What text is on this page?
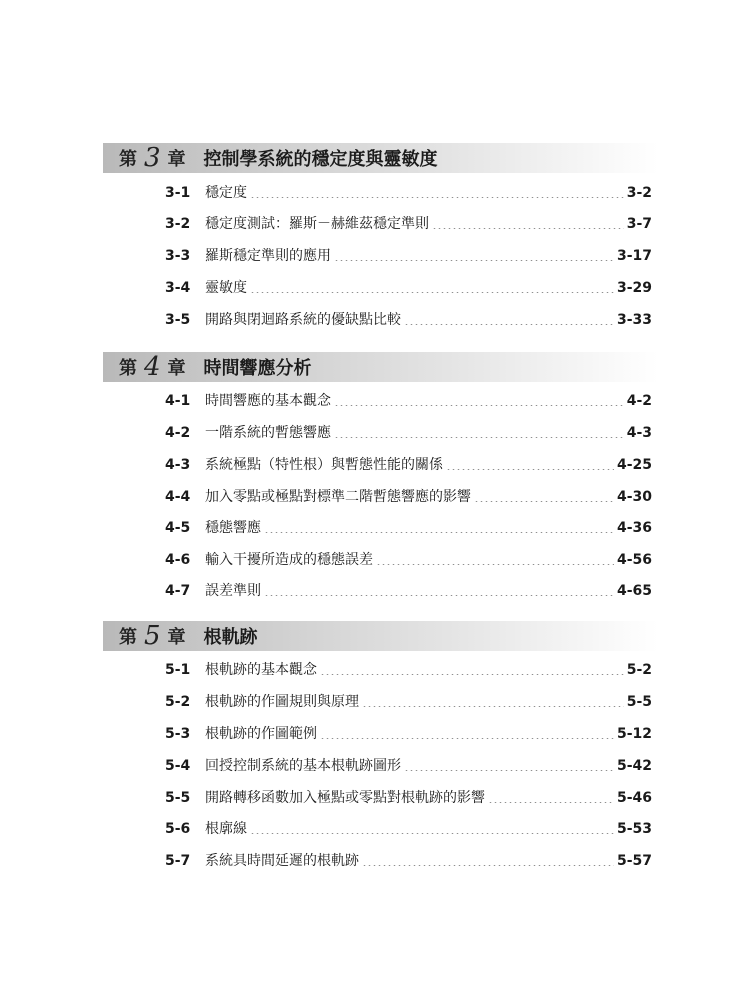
第 3 章 控制學系統的穩定度與靈敏度
3-1	穩定度	3-2
3-2	穩定度測試：羅斯－赫維茲穩定準則	3-7
3-3	羅斯穩定準則的應用	3-17
3-4	靈敏度	3-29
3-5	開路與閉迴路系統的優缺點比較	3-33
第 4 章 時間響應分析
4-1	時間響應的基本觀念	4-2
4-2	一階系統的暫態響應	4-3
4-3	系統極點（特性根）與暫態性能的關係	4-25
4-4	加入零點或極點對標準二階暫態響應的影響	4-30
4-5	穩態響應	4-36
4-6	輸入干擾所造成的穩態誤差	4-56
4-7	誤差準則	4-65
第 5 章 根軌跡
5-1	根軌跡的基本觀念	5-2
5-2	根軌跡的作圖規則與原理	5-5
5-3	根軌跡的作圖範例	5-12
5-4	回授控制系統的基本根軌跡圖形	5-42
5-5	開路轉移函數加入極點或零點對根軌跡的影響	5-46
5-6	根廓線	5-53
5-7	系統具時間延遲的根軌跡	5-57
